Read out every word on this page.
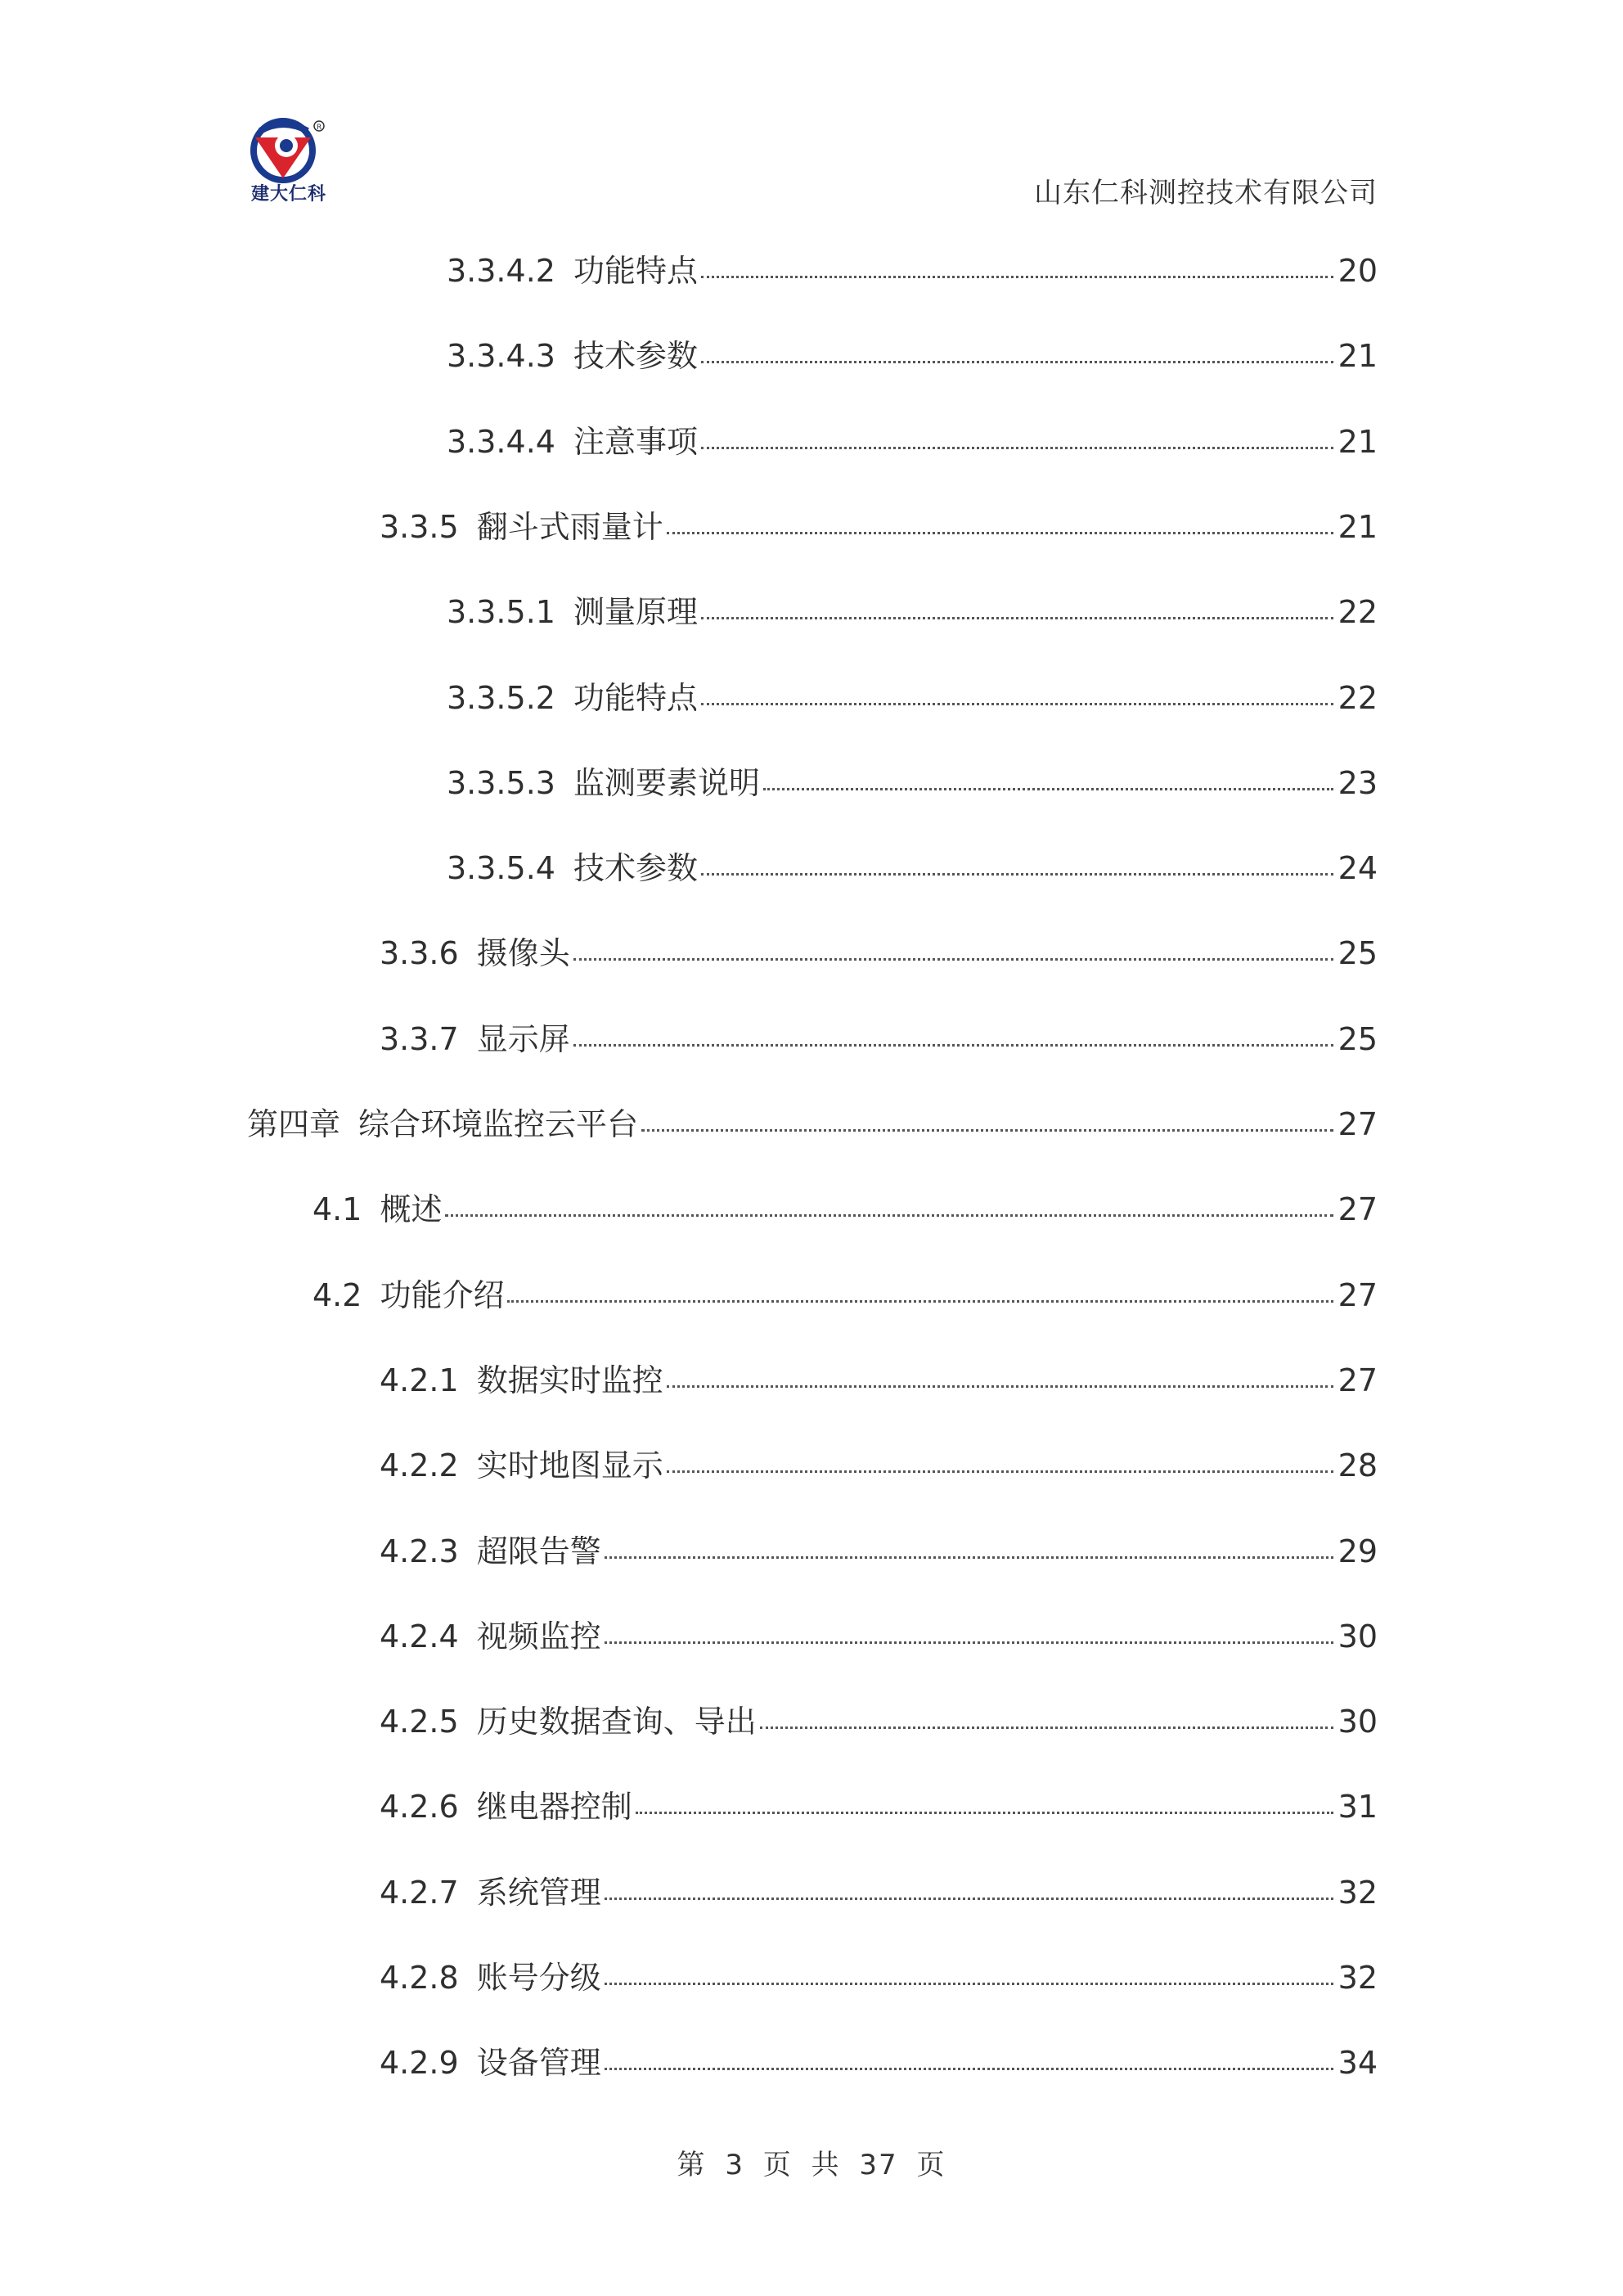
R
建大仁科	山东仁科测控技术有限公司
3.3.4.2 功能特点	20
3.3.4.3 技术参数	21
3.3.4.4 注意事项	21
3.3.5 翻斗式雨量计	21
3.3.5.1 测量原理	22
3.3.5.2 功能特点	22
3.3.5.3 监测要素说明	23
3.3.5.4 技术参数	24
3.3.6 摄像头	25
3.3.7 显示屏	25
第四章 综合环境监控云平台	27
4.1 概述	27
4.2 功能介绍	27
4.2.1 数据实时监控	27
4.2.2 实时地图显示	28
4.2.3 超限告警	29
4.2.4 视频监控	30
4.2.5 历史数据查询、导出	30
4.2.6 继电器控制	31
4.2.7 系统管理	32
4.2.8 账号分级	32
4.2.9 设备管理	34
第 3 页 共 37 页
